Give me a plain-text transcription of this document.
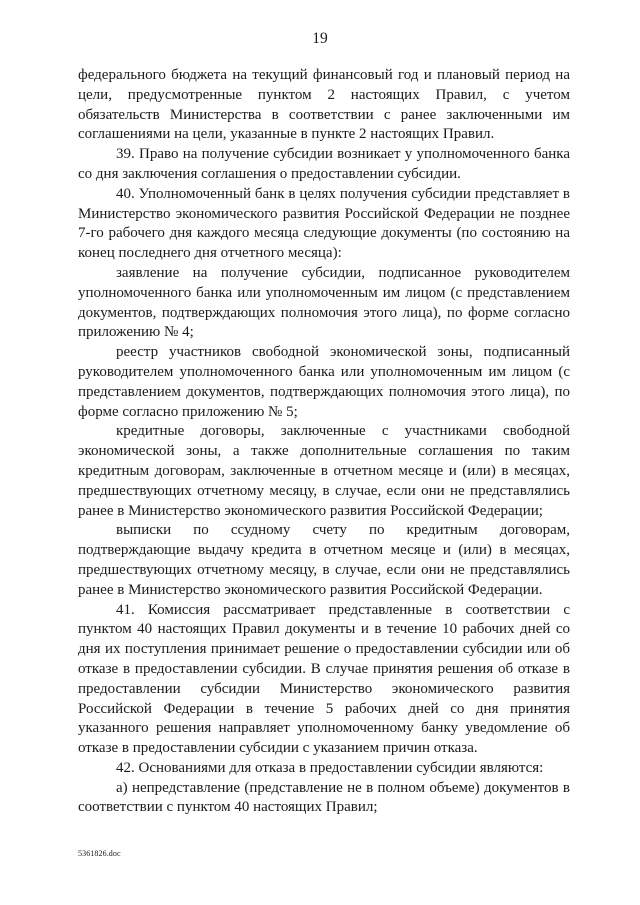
19

федерального бюджета на текущий финансовый год и плановый период на цели, предусмотренные пунктом 2 настоящих Правил, с учетом обязательств Министерства в соответствии с ранее заключенными им соглашениями на цели, указанные в пункте 2 настоящих Правил.

39. Право на получение субсидии возникает у уполномоченного банка со дня заключения соглашения о предоставлении субсидии.

40. Уполномоченный банк в целях получения субсидии представляет в Министерство экономического развития Российской Федерации не позднее 7-го рабочего дня каждого месяца следующие документы (по состоянию на конец последнего дня отчетного месяца):

заявление на получение субсидии, подписанное руководителем уполномоченного банка или уполномоченным им лицом (с представлением документов, подтверждающих полномочия этого лица), по форме согласно приложению № 4;

реестр участников свободной экономической зоны, подписанный руководителем уполномоченного банка или уполномоченным им лицом (с представлением документов, подтверждающих полномочия этого лица), по форме согласно приложению № 5;

кредитные договоры, заключенные с участниками свободной экономической зоны, а также дополнительные соглашения по таким кредитным договорам, заключенные в отчетном месяце и (или) в месяцах, предшествующих отчетному месяцу, в случае, если они не представлялись ранее в Министерство экономического развития Российской Федерации;

выписки по ссудному счету по кредитным договорам, подтверждающие выдачу кредита в отчетном месяце и (или) в месяцах, предшествующих отчетному месяцу, в случае, если они не представлялись ранее в Министерство экономического развития Российской Федерации.

41. Комиссия рассматривает представленные в соответствии с пунктом 40 настоящих Правил документы и в течение 10 рабочих дней со дня их поступления принимает решение о предоставлении субсидии или об отказе в предоставлении субсидии. В случае принятия решения об отказе в предоставлении субсидии Министерство экономического развития Российской Федерации в течение 5 рабочих дней со дня принятия указанного решения направляет уполномоченному банку уведомление об отказе в предоставлении субсидии с указанием причин отказа.

42. Основаниями для отказа в предоставлении субсидии являются:

а) непредставление (представление не в полном объеме) документов в соответствии с пунктом 40 настоящих Правил;

5361826.doc
